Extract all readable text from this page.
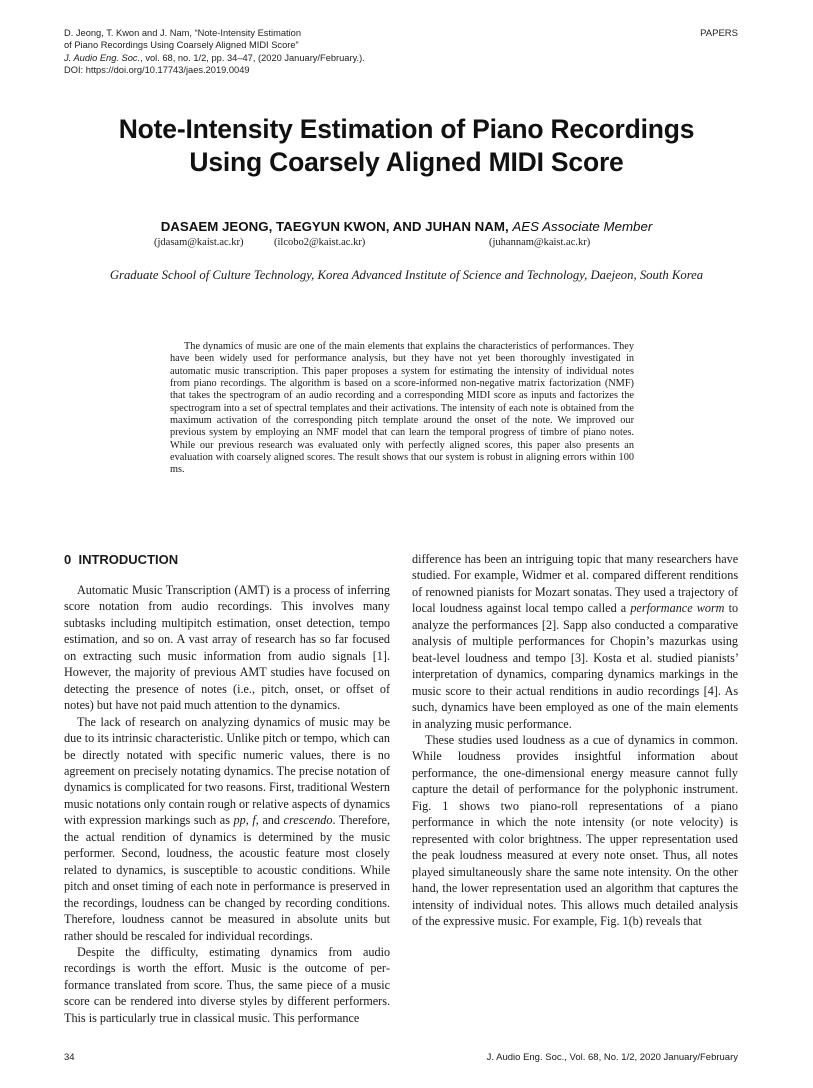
D. Jeong, T. Kwon and J. Nam, “Note-Intensity Estimation
of Piano Recordings Using Coarsely Aligned MIDI Score”
J. Audio Eng. Soc., vol. 68, no. 1/2, pp. 34–47, (2020 January/February.).
DOI: https://doi.org/10.17743/jaes.2019.0049
PAPERS
Note-Intensity Estimation of Piano Recordings
Using Coarsely Aligned MIDI Score
DASAEM JEONG, TAEGYUN KWON, AND JUHAN NAM, AES Associate Member
(jdasam@kaist.ac.kr)	(ilcobo2@kaist.ac.kr)	(juhannam@kaist.ac.kr)
Graduate School of Culture Technology, Korea Advanced Institute of Science and Technology, Daejeon, South Korea

The dynamics of music are one of the main elements that explains the characteristics of performances. They have been widely used for performance analysis, but they have not yet been thoroughly investigated in automatic music transcription. This paper proposes a system for estimating the intensity of individual notes from piano recordings. The algorithm is based on a score-informed non-negative matrix factorization (NMF) that takes the spectrogram of an audio recording and a corresponding MIDI score as inputs and factorizes the spectrogram into a set of spectral templates and their activations. The intensity of each note is obtained from the maximum activation of the corresponding pitch template around the onset of the note. We improved our previous system by employing an NMF model that can learn the temporal progress of timbre of piano notes. While our previous research was evaluated only with perfectly aligned scores, this paper also presents an evaluation with coarsely aligned scores. The result shows that our system is robust in aligning errors within 100 ms.

0 INTRODUCTION

Automatic Music Transcription (AMT) is a process of inferring score notation from audio recordings. This involves many subtasks including multipitch estimation, onset detection, tempo estimation, and so on. A vast array of research has so far focused on extracting such music information from audio signals [1]. However, the majority of previous AMT studies have focused on detecting the presence of notes (i.e., pitch, onset, or offset of notes) but have not paid much attention to the dynamics.

The lack of research on analyzing dynamics of music may be due to its intrinsic characteristic. Unlike pitch or tempo, which can be directly notated with specific numeric values, there is no agreement on precisely notating dynamics. The precise notation of dynamics is complicated for two reasons. First, traditional Western music notations only contain rough or relative aspects of dynamics with expression markings such as pp, f, and crescendo. Therefore, the actual rendition of dynamics is determined by the music performer. Second, loudness, the acoustic feature most closely related to dynamics, is susceptible to acoustic conditions. While pitch and onset timing of each note in performance is preserved in the recordings, loudness can be changed by recording conditions. Therefore, loudness cannot be measured in absolute units but rather should be rescaled for individual recordings.

Despite the difficulty, estimating dynamics from audio recordings is worth the effort. Music is the outcome of performance translated from score. Thus, the same piece of a music score can be rendered into diverse styles by different performers. This is particularly true in classical music. This performance

difference has been an intriguing topic that many researchers have studied. For example, Widmer et al. compared different renditions of renowned pianists for Mozart sonatas. They used a trajectory of local loudness against local tempo called a performance worm to analyze the performances [2]. Sapp also conducted a comparative analysis of multiple performances for Chopin’s mazurkas using beat-level loudness and tempo [3]. Kosta et al. studied pianists’ interpretation of dynamics, comparing dynamics markings in the music score to their actual renditions in audio recordings [4]. As such, dynamics have been employed as one of the main elements in analyzing music performance.

These studies used loudness as a cue of dynamics in common. While loudness provides insightful information about performance, the one-dimensional energy measure cannot fully capture the detail of performance for the polyphonic instrument. Fig. 1 shows two piano-roll representations of a piano performance in which the note intensity (or note velocity) is represented with color brightness. The upper representation used the peak loudness measured at every note onset. Thus, all notes played simultaneously share the same note intensity. On the other hand, the lower representation used an algorithm that captures the intensity of individual notes. This allows much detailed analysis of the expressive music. For example, Fig. 1(b) reveals that

34	J. Audio Eng. Soc., Vol. 68, No. 1/2, 2020 January/February
